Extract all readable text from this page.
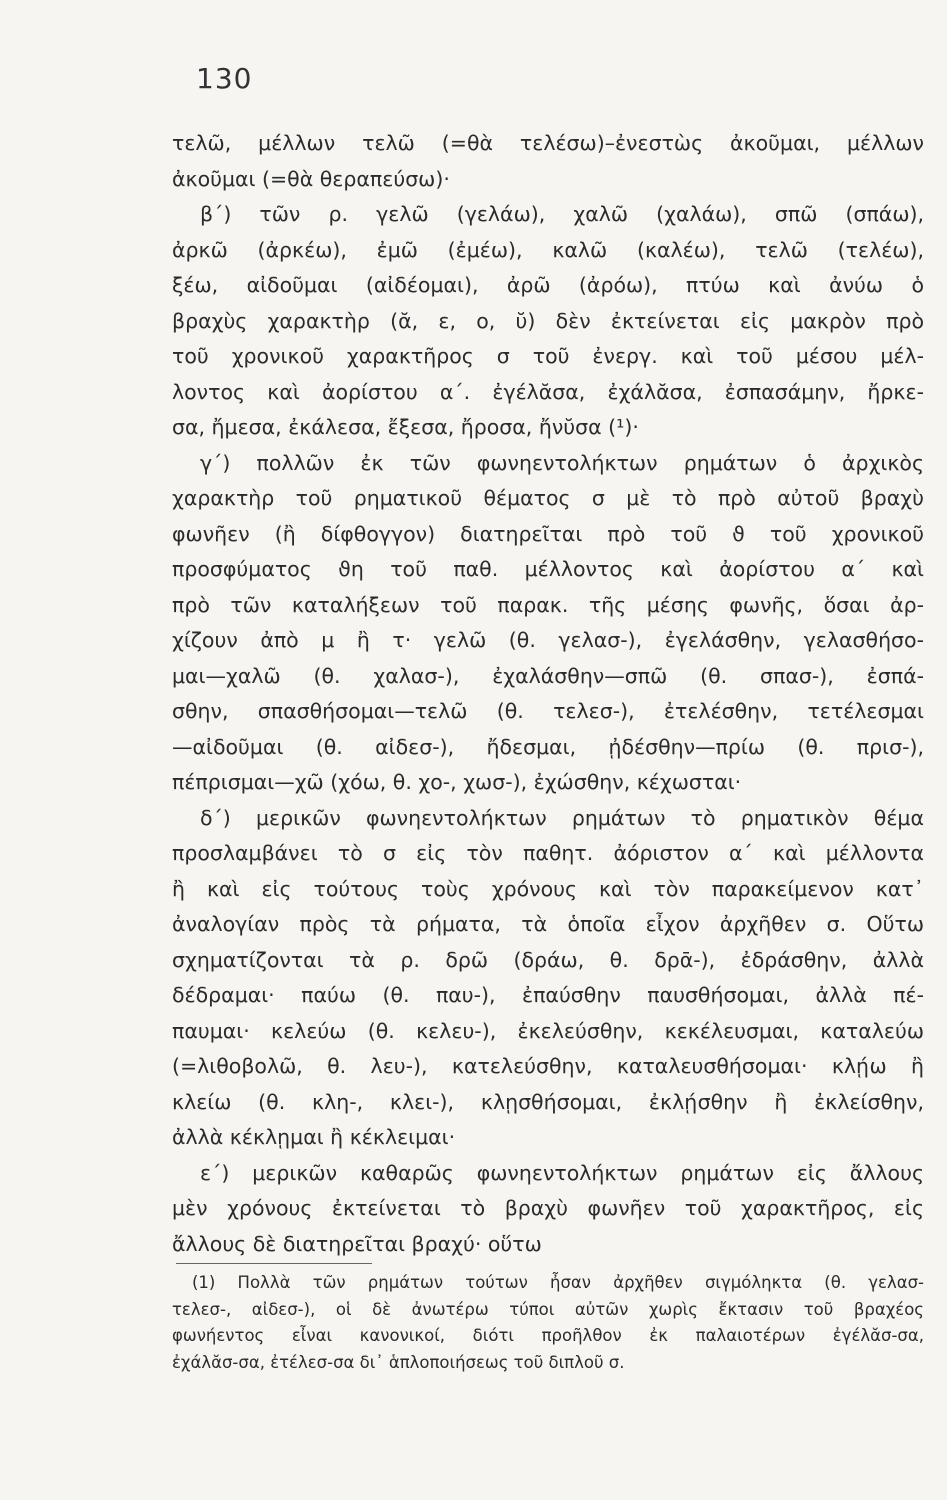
130
τελῶ, μέλλων τελῶ (=θὰ τελέσω)–ἐνεστὼς ἀκοῦμαι, μέλλων
ἀκοῦμαι (=θὰ θεραπεύσω)·
β΄) τῶν ρ. γελῶ (γελάω), χαλῶ (χαλάω), σπῶ (σπάω),
ἀρκῶ (ἀρκέω), ἐμῶ (ἐμέω), καλῶ (καλέω), τελῶ (τελέω),
ξέω, αἰδοῦμαι (αἰδέομαι), ἀρῶ (ἀρόω), πτύω καὶ ἀνύω ὁ
βραχὺς χαρακτὴρ (ᾰ, ε, ο, ῠ) δὲν ἐκτείνεται εἰς μακρὸν πρὸ
τοῦ χρονικοῦ χαρακτῆρος σ τοῦ ἐνεργ. καὶ τοῦ μέσου μέλ-
λοντος καὶ ἀορίστου α΄. ἐγέλᾰσα, ἐχάλᾰσα, ἐσπασάμην, ἤρκε-
σα, ἤμεσα, ἐκάλεσα, ἔξεσα, ἤροσα, ἤνῠσα (¹)·
γ΄) πολλῶν ἐκ τῶν φωνηεντολήκτων ρημάτων ὁ ἀρχικὸς
χαρακτὴρ τοῦ ρηματικοῦ θέματος σ μὲ τὸ πρὸ αὐτοῦ βραχὺ
φωνῆεν (ἢ δίφθογγον) διατηρεῖται πρὸ τοῦ ϑ τοῦ χρονικοῦ
προσφύματος ϑη τοῦ παθ. μέλλοντος καὶ ἀορίστου α΄ καὶ
πρὸ τῶν καταλήξεων τοῦ παρακ. τῆς μέσης φωνῆς, ὅσαι ἀρ-
χίζουν ἀπὸ μ ἢ τ· γελῶ (θ. γελασ-), ἐγελάσθην, γελασθήσο-
μαι—χαλῶ (θ. χαλασ-), ἐχαλάσθην—σπῶ (θ. σπασ-), ἐσπά-
σθην, σπασθήσομαι—τελῶ (θ. τελεσ-), ἐτελέσθην, τετέλεσμαι
—αἰδοῦμαι (θ. αἰδεσ-), ἤδεσμαι, ᾐδέσθην—πρίω (θ. πρισ-),
πέπρισμαι—χῶ (χόω, θ. χο-, χωσ-), ἐχώσθην, κέχωσται·
δ΄) μερικῶν φωνηεντολήκτων ρημάτων τὸ ρηματικὸν θέμα
προσλαμβάνει τὸ σ εἰς τὸν παθητ. ἀόριστον α΄ καὶ μέλλοντα
ἢ καὶ εἰς τούτους τοὺς χρόνους καὶ τὸν παρακείμενον κατ᾽
ἀναλογίαν πρὸς τὰ ρήματα, τὰ ὁποῖα εἶχον ἀρχῆθεν σ. Οὕτω
σχηματίζονται τὰ ρ. δρῶ (δράω, θ. δρᾱ-), ἐδράσθην, ἀλλὰ
δέδραμαι· παύω (θ. παυ-), ἐπαύσθην παυσθήσομαι, ἀλλὰ πέ-
παυμαι· κελεύω (θ. κελευ-), ἐκελεύσθην, κεκέλευσμαι, καταλεύω
(=λιθοβολῶ, θ. λευ-), κατελεύσθην, καταλευσθήσομαι· κλῄω ἢ
κλείω (θ. κλη-, κλει-), κλῃσθήσομαι, ἐκλῄσθην ἢ ἐκλείσθην,
ἀλλὰ κέκλῃμαι ἢ κέκλειμαι·
ε΄) μερικῶν καθαρῶς φωνηεντολήκτων ρημάτων εἰς ἄλλους
μὲν χρόνους ἐκτείνεται τὸ βραχὺ φωνῆεν τοῦ χαρακτῆρος, εἰς
ἄλλους δὲ διατηρεῖται βραχύ· οὕτω
(1) Πολλὰ τῶν ρημάτων τούτων ἦσαν ἀρχῆθεν σιγμόληκτα (θ. γελασ-
τελεσ-, αἰδεσ-), οἱ δὲ ἀνωτέρω τύποι αὐτῶν χωρὶς ἔκτασιν τοῦ βραχέος
φωνήεντος εἶναι κανονικοί, διότι προῆλθον ἐκ παλαιοτέρων ἐγέλᾰσ-σα,
ἐχάλᾰσ-σα, ἐτέλεσ-σα δι᾽ ἁπλοποιήσεως τοῦ διπλοῦ σ.
